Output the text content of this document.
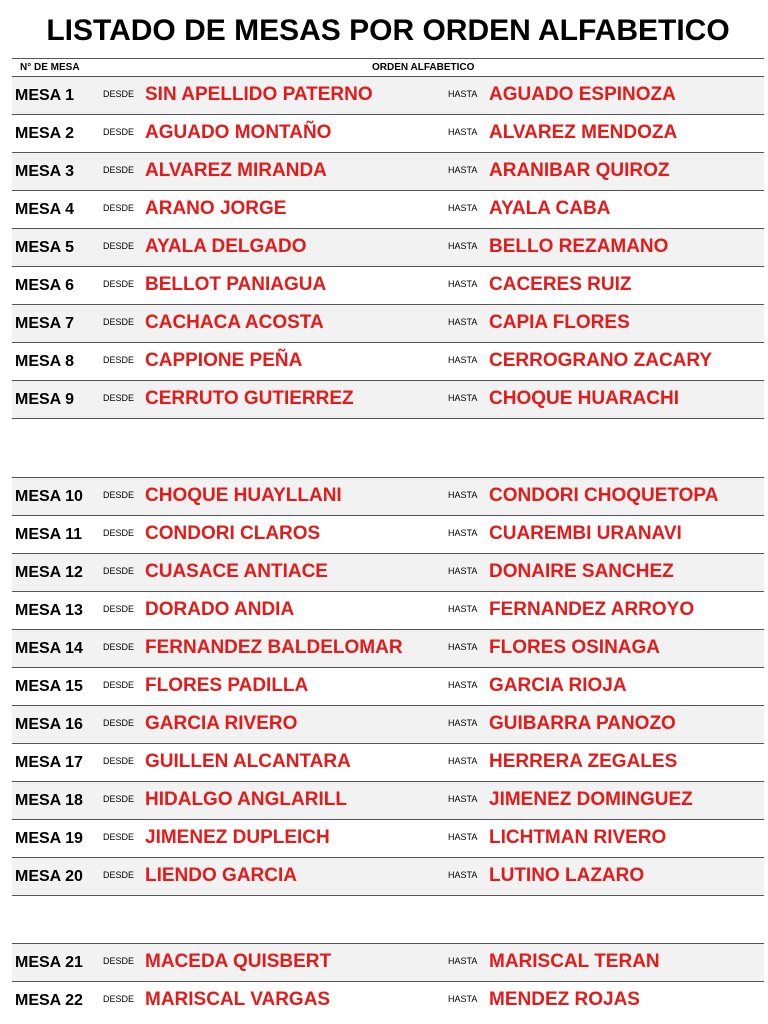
LISTADO DE MESAS POR ORDEN ALFABETICO
N° DE MESA	ORDEN ALFABETICO
MESA 1	DESDE SIN APELLIDO PATERNO	HASTA AGUADO ESPINOZA
MESA 2	DESDE AGUADO MONTAÑO	HASTA ALVAREZ MENDOZA
MESA 3	DESDE ALVAREZ MIRANDA	HASTA ARANIBAR QUIROZ
MESA 4	DESDE ARANO JORGE	HASTA AYALA CABA
MESA 5	DESDE AYALA DELGADO	HASTA BELLO REZAMANO
MESA 6	DESDE BELLOT PANIAGUA	HASTA CACERES RUIZ
MESA 7	DESDE CACHACA ACOSTA	HASTA CAPIA FLORES
MESA 8	DESDE CAPPIONE PEÑA	HASTA CERROGRANO ZACARY
MESA 9	DESDE CERRUTO GUTIERREZ	HASTA CHOQUE HUARACHI
MESA 10 DESDE CHOQUE HUAYLLANI	HASTA CONDORI CHOQUETOPA
MESA 11 DESDE CONDORI CLAROS	HASTA CUAREMBI URANAVI
MESA 12 DESDE CUASACE ANTIACE	HASTA DONAIRE SANCHEZ
MESA 13 DESDE DORADO ANDIA	HASTA FERNANDEZ ARROYO
MESA 14 DESDE FERNANDEZ BALDELOMAR	HASTA FLORES OSINAGA
MESA 15 DESDE FLORES PADILLA	HASTA GARCIA RIOJA
MESA 16 DESDE GARCIA RIVERO	HASTA GUIBARRA PANOZO
MESA 17 DESDE GUILLEN ALCANTARA	HASTA HERRERA ZEGALES
MESA 18 DESDE HIDALGO ANGLARILL	HASTA JIMENEZ DOMINGUEZ
MESA 19 DESDE JIMENEZ DUPLEICH	HASTA LICHTMAN RIVERO
MESA 20 DESDE LIENDO GARCIA	HASTA LUTINO LAZARO
MESA 21 DESDE MACEDA QUISBERT	HASTA MARISCAL TERAN
MESA 22 DESDE MARISCAL VARGAS	HASTA MENDEZ ROJAS
